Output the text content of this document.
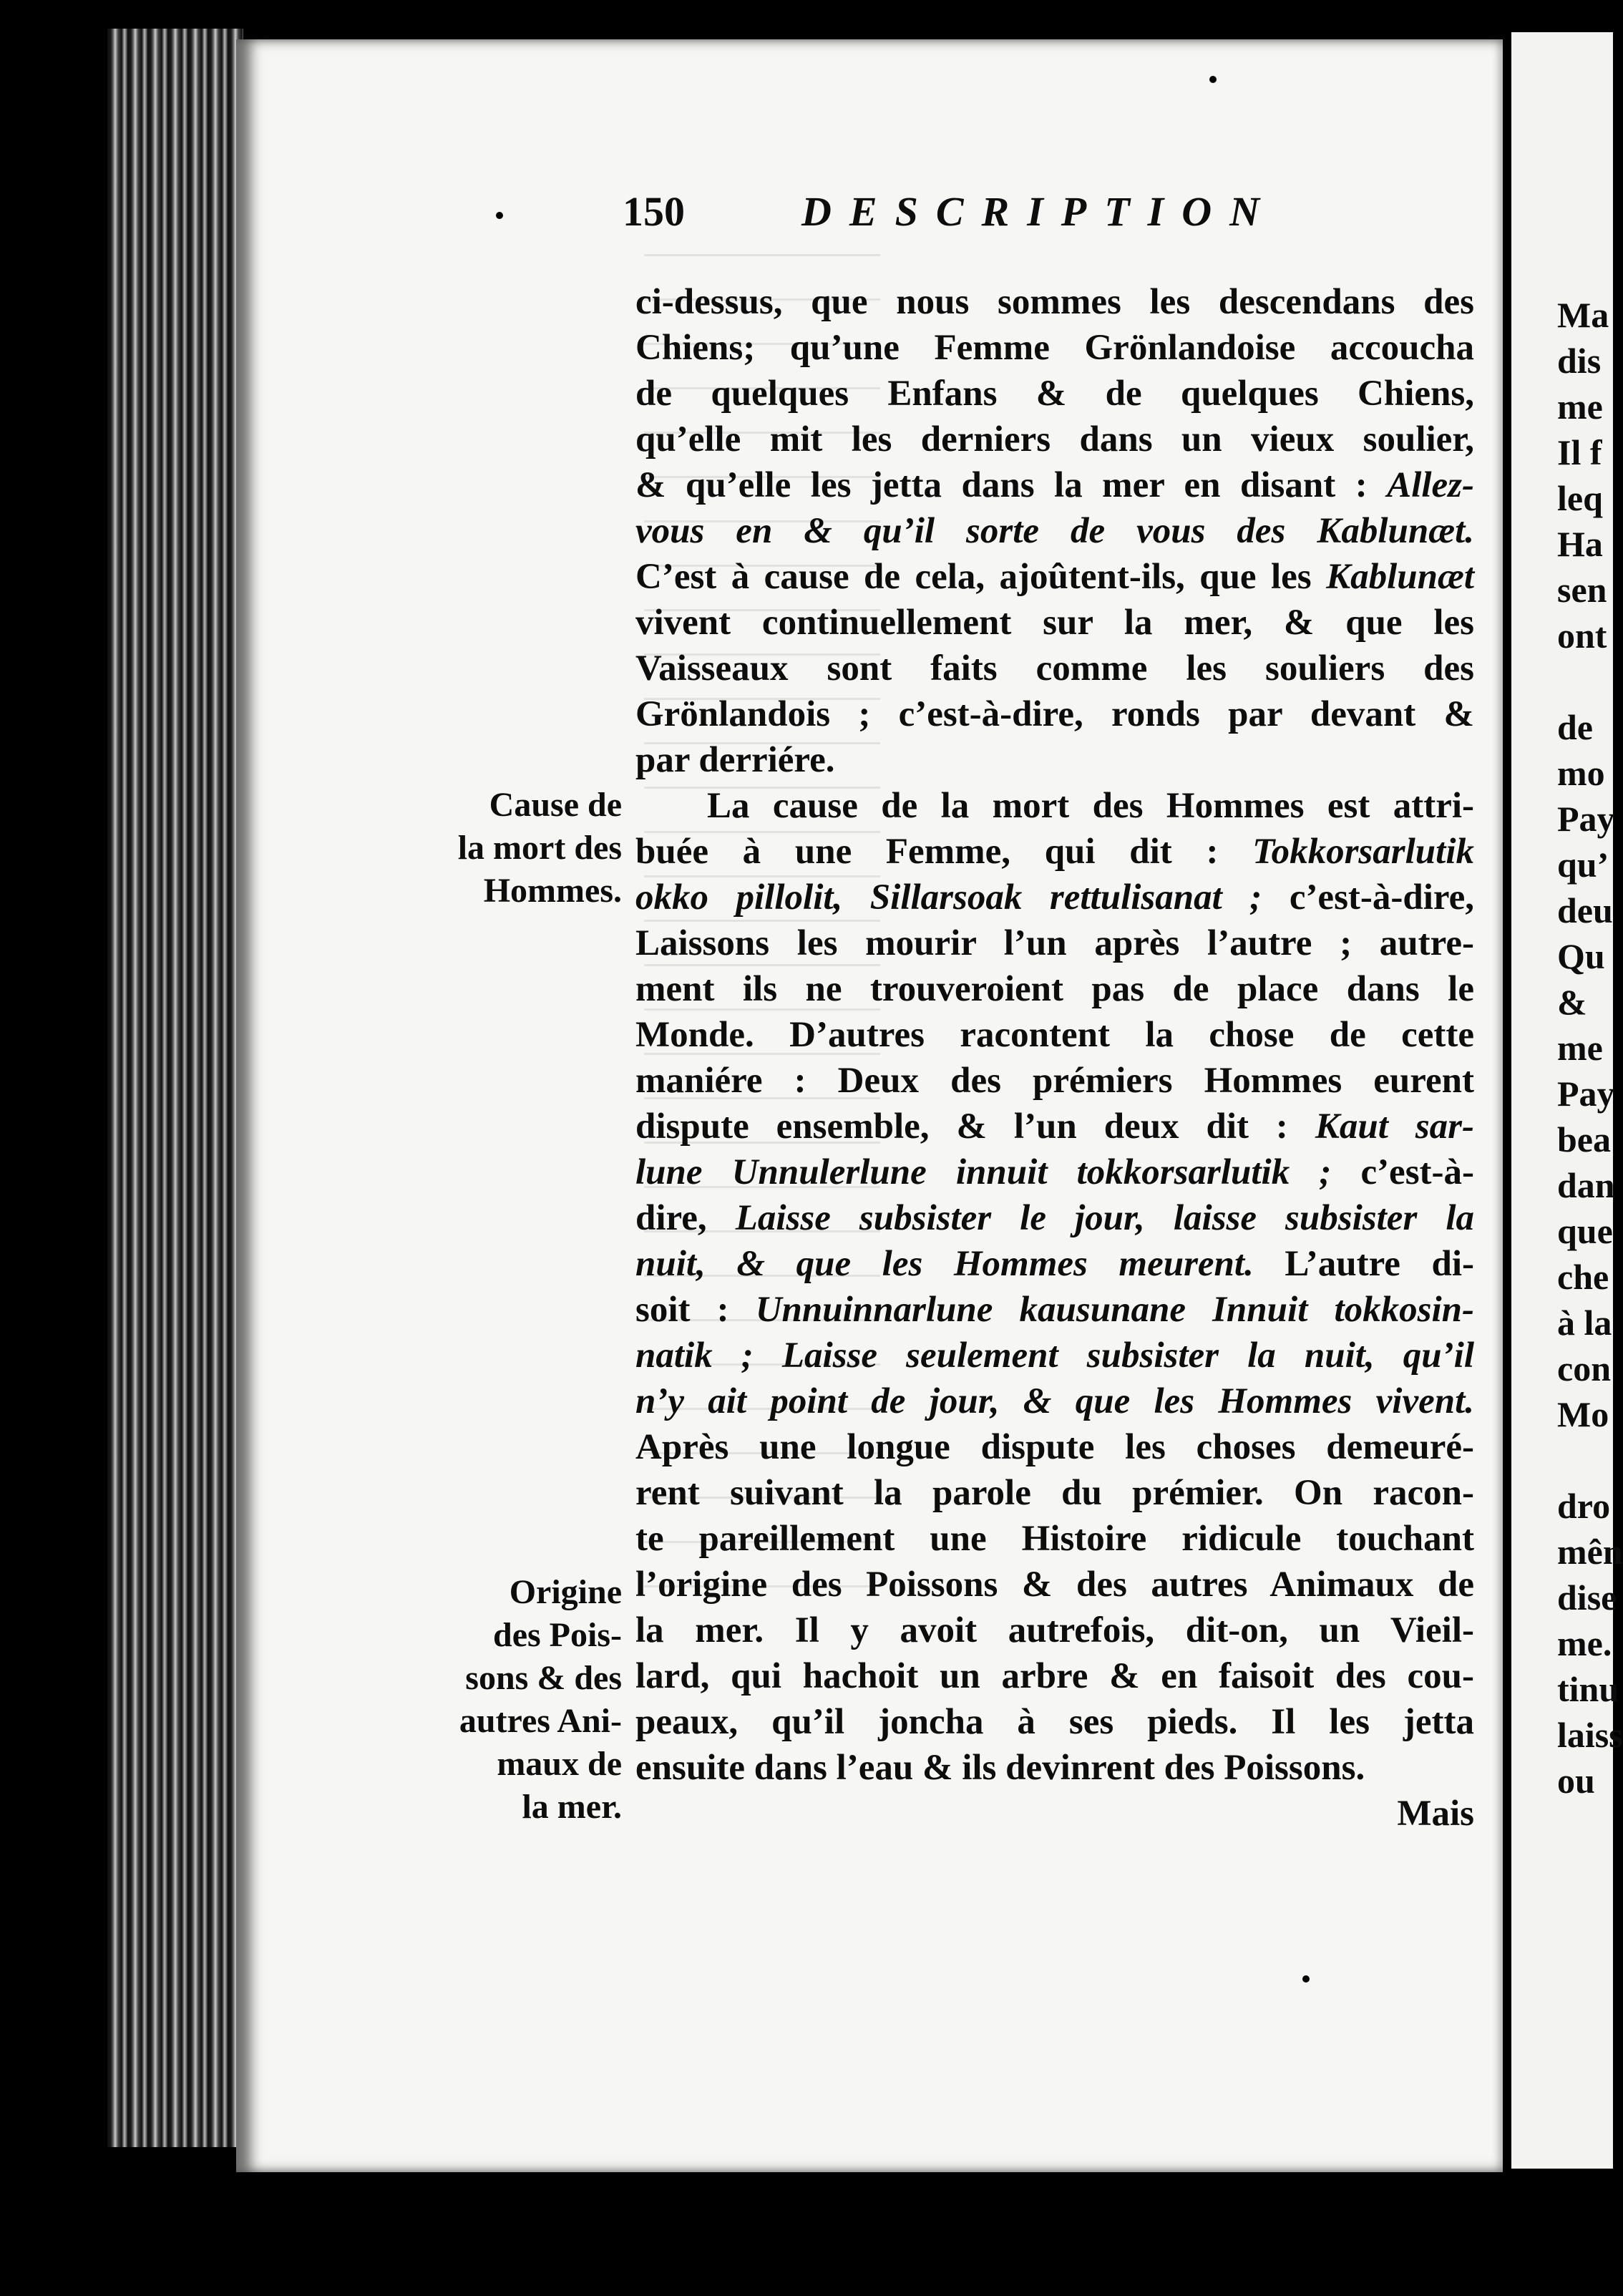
Ma
dis
me
Il f
leq
Ha
sen
ont
de
mo
Pay
qu’
deu
Qu
&
me
Pay
bea
dan
que
che
à la
con
Mo
dro
mên
dise
me.
tinu
laiss
ou
150	DESCRIPTION
ci-dessus, que nous sommes les descendans des
Chiens; qu’une Femme Grönlandoise accoucha
de quelques Enfans & de quelques Chiens,
qu’elle mit les derniers dans un vieux soulier,
& qu’elle les jetta dans la mer en disant : Allez-
vous en & qu’il sorte de vous des Kablunæt.
C’est à cause de cela, ajoûtent-ils, que les Kablunæt
vivent continuellement sur la mer, & que les
Vaisseaux sont faits comme les souliers des
Grönlandois ; c’est-à-dire, ronds par devant &
par derriére.
La cause de la mort des Hommes est attri-
buée à une Femme, qui dit : Tokkorsarlutik
okko pillolit, Sillarsoak rettulisanat ; c’est-à-dire,
Laissons les mourir l’un après l’autre ; autre-
ment ils ne trouveroient pas de place dans le
Monde. D’autres racontent la chose de cette
maniére : Deux des prémiers Hommes eurent
dispute ensemble, & l’un deux dit : Kaut sar-
lune Unnulerlune innuit tokkorsarlutik ; c’est-à-
dire, Laisse subsister le jour, laisse subsister la
nuit, & que les Hommes meurent. L’autre di-
soit : Unnuinnarlune kausunane Innuit tokkosin-
natik ; Laisse seulement subsister la nuit, qu’il
n’y ait point de jour, & que les Hommes vivent.
Après une longue dispute les choses demeuré-
rent suivant la parole du prémier. On racon-
te pareillement une Histoire ridicule touchant
l’origine des Poissons & des autres Animaux de
la mer. Il y avoit autrefois, dit-on, un Vieil-
lard, qui hachoit un arbre & en faisoit des cou-
peaux, qu’il joncha à ses pieds. Il les jetta
ensuite dans l’eau & ils devinrent des Poissons.
Mais
Cause de
la mort des
Hommes.
Origine
des Pois-
sons & des
autres Ani-
maux de
la mer.
